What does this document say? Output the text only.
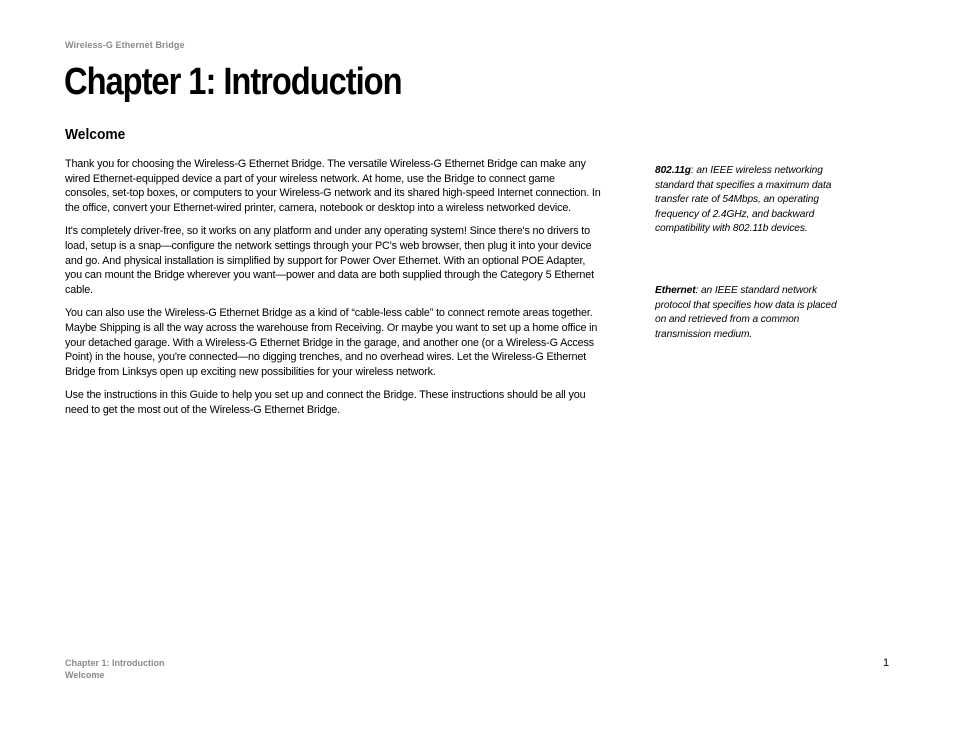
Wireless-G Ethernet Bridge
Chapter 1: Introduction
Welcome

Thank you for choosing the Wireless-G Ethernet Bridge. The versatile Wireless-G Ethernet Bridge can make any wired Ethernet-equipped device a part of your wireless network. At home, use the Bridge to connect game consoles, set-top boxes, or computers to your Wireless-G network and its shared high-speed Internet connection. In the office, convert your Ethernet-wired printer, camera, notebook or desktop into a wireless networked device.

It's completely driver-free, so it works on any platform and under any operating system! Since there's no drivers to load, setup is a snap—configure the network settings through your PC's web browser, then plug it into your device and go. And physical installation is simplified by support for Power Over Ethernet. With an optional POE Adapter, you can mount the Bridge wherever you want—power and data are both supplied through the Category 5 Ethernet cable.

You can also use the Wireless-G Ethernet Bridge as a kind of “cable-less cable” to connect remote areas together. Maybe Shipping is all the way across the warehouse from Receiving. Or maybe you want to set up a home office in your detached garage. With a Wireless-G Ethernet Bridge in the garage, and another one (or a Wireless-G Access Point) in the house, you're connected—no digging trenches, and no overhead wires. Let the Wireless-G Ethernet Bridge from Linksys open up exciting new possibilities for your wireless network.

Use the instructions in this Guide to help you set up and connect the Bridge. These instructions should be all you need to get the most out of the Wireless-G Ethernet Bridge.

802.11g: an IEEE wireless networking standard that specifies a maximum data transfer rate of 54Mbps, an operating frequency of 2.4GHz, and backward compatibility with 802.11b devices.
Ethernet: an IEEE standard network protocol that specifies how data is placed on and retrieved from a common transmission medium.
Chapter 1: Introduction
Welcome
1
